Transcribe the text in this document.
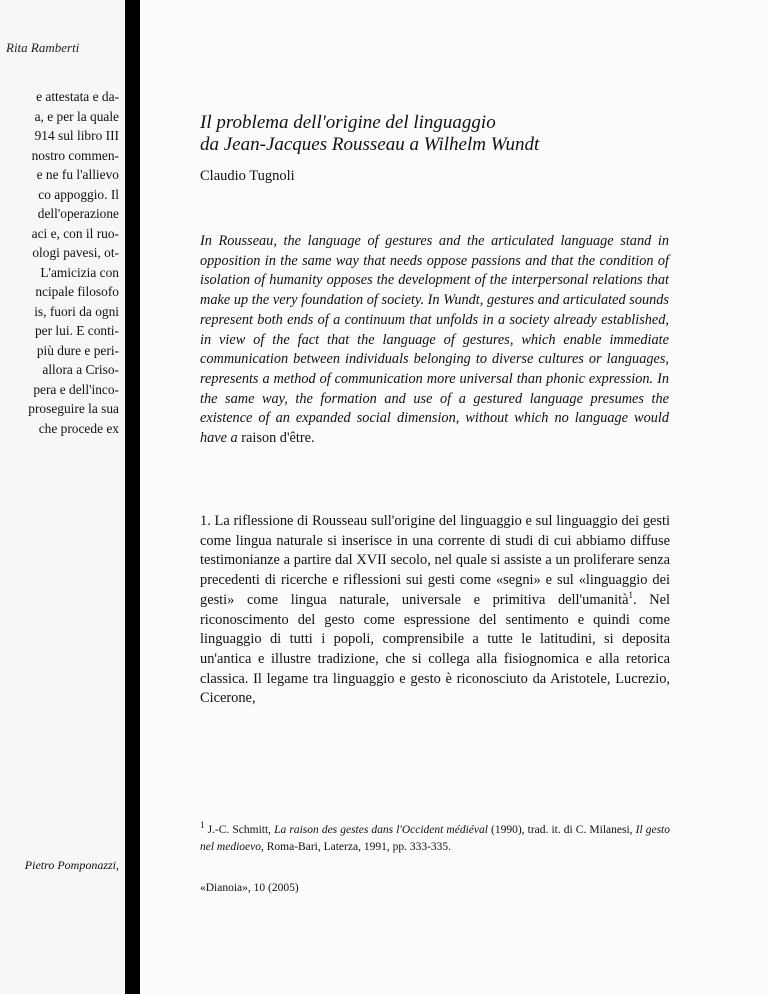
Rita Ramberti
e attestata e da-
a, e per la quale
914 sul libro III
nostro commen-
e ne fu l'allievo
co appoggio. Il
dell'operazione
aci e, con il ruo-
ologi pavesi, ot-
L'amicizia con
ncipale filosofo
is, fuori da ogni
per lui. E conti-
più dure e peri-
allora a Criso-
pera e dell'inco-
proseguire la sua
che procede ex
Pietro Pomponazzi,
Il problema dell'origine del linguaggio
da Jean-Jacques Rousseau a Wilhelm Wundt
Claudio Tugnoli
In Rousseau, the language of gestures and the articulated language stand in opposition in the same way that needs oppose passions and that the condition of isolation of humanity opposes the development of the interpersonal relations that make up the very foundation of society. In Wundt, gestures and articulated sounds represent both ends of a continuum that unfolds in a society already established, in view of the fact that the language of gestures, which enable immediate communication between individuals belonging to diverse cultures or languages, represents a method of communication more universal than phonic expression. In the same way, the formation and use of a gestured language presumes the existence of an expanded social dimension, without which no language would have a raison d'être.
1. La riflessione di Rousseau sull'origine del linguaggio e sul linguaggio dei gesti come lingua naturale si inserisce in una corrente di studi di cui abbiamo diffuse testimonianze a partire dal XVII secolo, nel quale si assiste a un proliferare senza precedenti di ricerche e riflessioni sui gesti come «segni» e sul «linguaggio dei gesti» come lingua naturale, universale e primitiva dell'umanità$^1$. Nel riconoscimento del gesto come espressione del sentimento e quindi come linguaggio di tutti i popoli, comprensibile a tutte le latitudini, si deposita un'antica e illustre tradizione, che si collega alla fisiognomica e alla retorica classica. Il legame tra linguaggio e gesto è riconosciuto da Aristotele, Lucrezio, Cicerone,
$^1$ J.-C. Schmitt, La raison des gestes dans l'Occident médiéval (1990), trad. it. di C. Milanesi, Il gesto nel medioevo, Roma-Bari, Laterza, 1991, pp. 333-335.
«Dianoia», 10 (2005)
